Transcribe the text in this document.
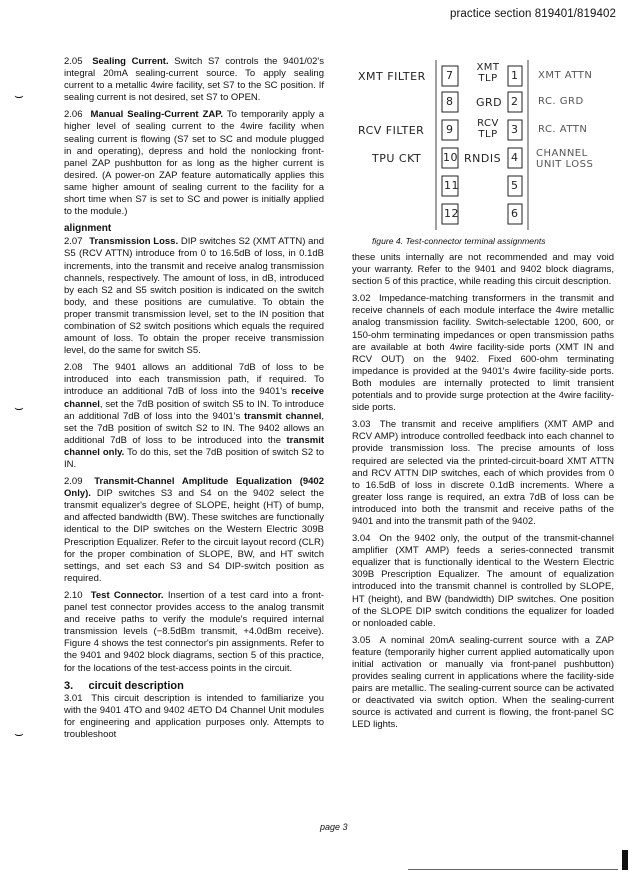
practice section 819401/819402

2.05 Sealing Current. Switch S7 controls the 9401/02's integral 20mA sealing-current source. To apply sealing current to a metallic 4wire facility, set S7 to the SC position. If sealing current is not desired, set S7 to OPEN.

2.06 Manual Sealing-Current ZAP. To temporarily apply a higher level of sealing current to the 4wire facility when sealing current is flowing (S7 set to SC and module plugged in and operating), depress and hold the nonlocking front-panel ZAP pushbutton for as long as the higher current is desired. (A power-on ZAP feature automatically applies this same higher amount of sealing current to the facility for a short time when S7 is set to SC and power is initially applied to the module.)

alignment

2.07 Transmission Loss. DIP switches S2 (XMT ATTN) and S5 (RCV ATTN) introduce from 0 to 16.5dB of loss, in 0.1dB increments, into the transmit and receive analog transmission channels, respectively. The amount of loss, in dB, introduced by each S2 and S5 switch position is indicated on the switch body, and these positions are cumulative. To obtain the proper transmit transmission level, set to the IN position that combination of S2 switch positions which equals the required amount of loss. To obtain the proper receive transmission level, do the same for switch S5.

2.08 The 9401 allows an additional 7dB of loss to be introduced into each transmission path, if required. To introduce an additional 7dB of loss into the 9401's receive channel, set the 7dB position of switch S5 to IN. To introduce an additional 7dB of loss into the 9401's transmit channel, set the 7dB position of switch S2 to IN. The 9402 allows an additional 7dB of loss to be introduced into the transmit channel only. To do this, set the 7dB position of switch S2 to IN.

2.09 Transmit-Channel Amplitude Equalization (9402 Only). DIP switches S3 and S4 on the 9402 select the transmit equalizer's degree of SLOPE, height (HT) of bump, and affected bandwidth (BW). These switches are functionally identical to the DIP switches on the Western Electric 309B Prescription Equalizer. Refer to the circuit layout record (CLR) for the proper combination of SLOPE, BW, and HT switch settings, and set each S3 and S4 DIP-switch position as required.

2.10 Test Connector. Insertion of a test card into a front-panel test connector provides access to the analog transmit and receive paths to verify the module's required internal transmission levels (−8.5dBm transmit, +4.0dBm receive). Figure 4 shows the test connector's pin assignments. Refer to the 9401 and 9402 block diagrams, section 5 of this practice, for the locations of the test-access points in the circuit.

3. circuit description

3.01 This circuit description is intended to familiarize you with the 9401 4TO and 9402 4ETO D4 Channel Unit modules for engineering and application purposes only. Attempts to troubleshoot

XMT FILTER
RCV FILTER
TPU CKT
7
8
9
10
11
12
XMT TLP
GRD
RCV TLP
RNDIS
1
2
3
4
5
6
XMT ATTN
RC. GRD
RC. ATTN
CHANNEL UNIT LOSS
figure 4. Test-connector terminal assignments

these units internally are not recommended and may void your warranty. Refer to the 9401 and 9402 block diagrams, section 5 of this practice, while reading this circuit description.

3.02 Impedance-matching transformers in the transmit and receive channels of each module interface the 4wire metallic analog transmission facility. Switch-selectable 1200, 600, or 150-ohm terminating impedances or open transmission paths are available at both 4wire facility-side ports (XMT IN and RCV OUT) on the 9402. Fixed 600-ohm terminating impedance is provided at the 9401's 4wire facility-side ports. Both modules are internally protected to limit transient potentials and to provide surge protection at the 4wire facility-side ports.

3.03 The transmit and receive amplifiers (XMT AMP and RCV AMP) introduce controlled feedback into each channel to provide transmission loss. The precise amounts of loss required are selected via the printed-circuit-board XMT ATTN and RCV ATTN DIP switches, each of which provides from 0 to 16.5dB of loss in discrete 0.1dB increments. Where a greater loss range is required, an extra 7dB of loss can be introduced into both the transmit and receive paths of the 9401 and into the transmit path of the 9402.

3.04 On the 9402 only, the output of the transmit-channel amplifier (XMT AMP) feeds a series-connected transmit equalizer that is functionally identical to the Western Electric 309B Prescription Equalizer. The amount of equalization introduced into the transmit channel is controlled by SLOPE, HT (height), and BW (bandwidth) DIP switches. One position of the SLOPE DIP switch conditions the equalizer for loaded or nonloaded cable.

3.05 A nominal 20mA sealing-current source with a ZAP feature (temporarily higher current applied automatically upon initial activation or manually via front-panel pushbutton) provides sealing current in applications where the facility-side pairs are metallic. The sealing-current source can be activated or deactivated via switch option. When the sealing-current source is activated and current is flowing, the front-panel SC LED lights.

page 3
⌣
⌣
⌣
